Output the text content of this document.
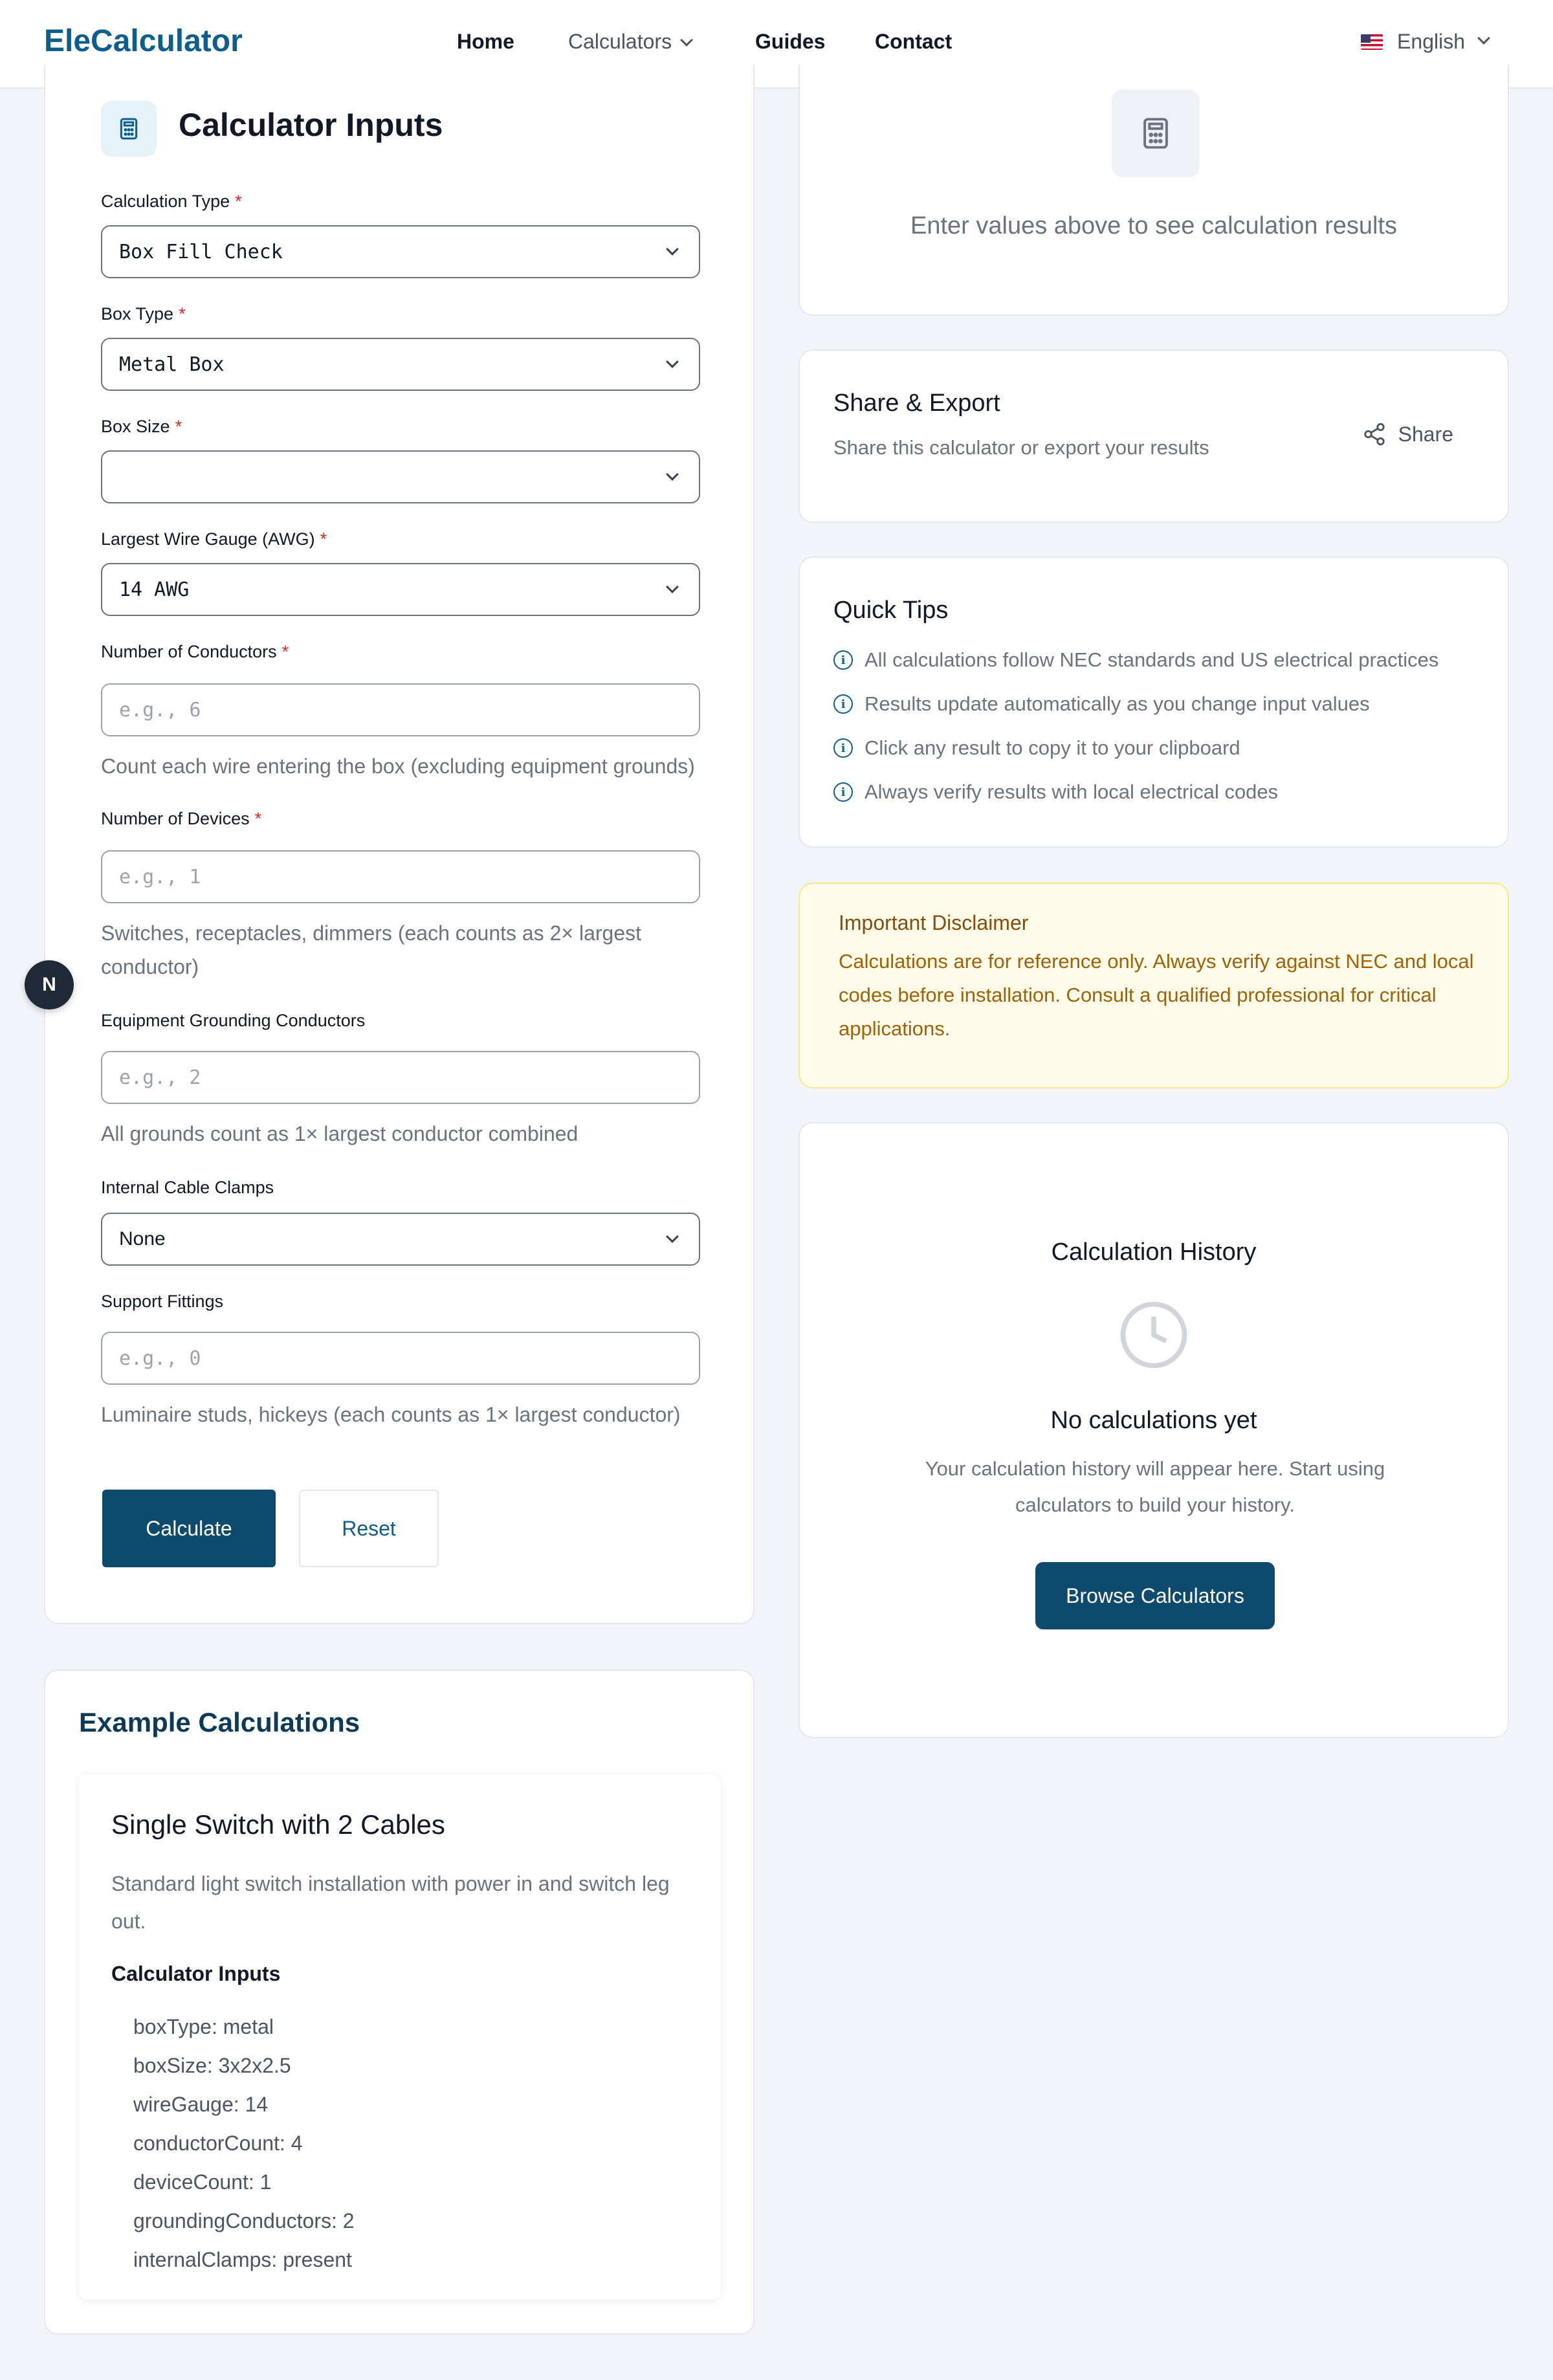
EleCalculator	Home	Calculators	Guides Contact	English
Calculator Inputs
Calculation Type *
Box Fill Check
Box Type *
Metal Box
Box Size *
Largest Wire Gauge (AWG) *
14 AWG
Number of Conductors *
e.g., 6
Count each wire entering the box (excluding equipment grounds)
Number of Devices *
e.g., 1
Switches, receptacles, dimmers (each counts as 2× largest conductor)
Equipment Grounding Conductors
e.g., 2
All grounds count as 1× largest conductor combined
Internal Cable Clamps
None
Support Fittings
e.g., 0
Luminaire studs, hickeys (each counts as 1× largest conductor)
Calculate	Reset
N
Example Calculations
Single Switch with 2 Cables
Standard light switch installation with power in and switch leg out.
Calculator Inputs
boxType: metal
boxSize: 3x2x2.5
wireGauge: 14
conductorCount: 4
deviceCount: 1
groundingConductors: 2
internalClamps: present
Enter values above to see calculation results
Share & Export
Share this calculator or export your results
Share
Quick Tips
i All calculations follow NEC standards and US electrical practices
i Results update automatically as you change input values
i Click any result to copy it to your clipboard
i Always verify results with local electrical codes
Important Disclaimer
Calculations are for reference only. Always verify against NEC and local codes before installation. Consult a qualified professional for critical applications.
Calculation History
No calculations yet
Your calculation history will appear here. Start using calculators to build your history.
Browse Calculators
